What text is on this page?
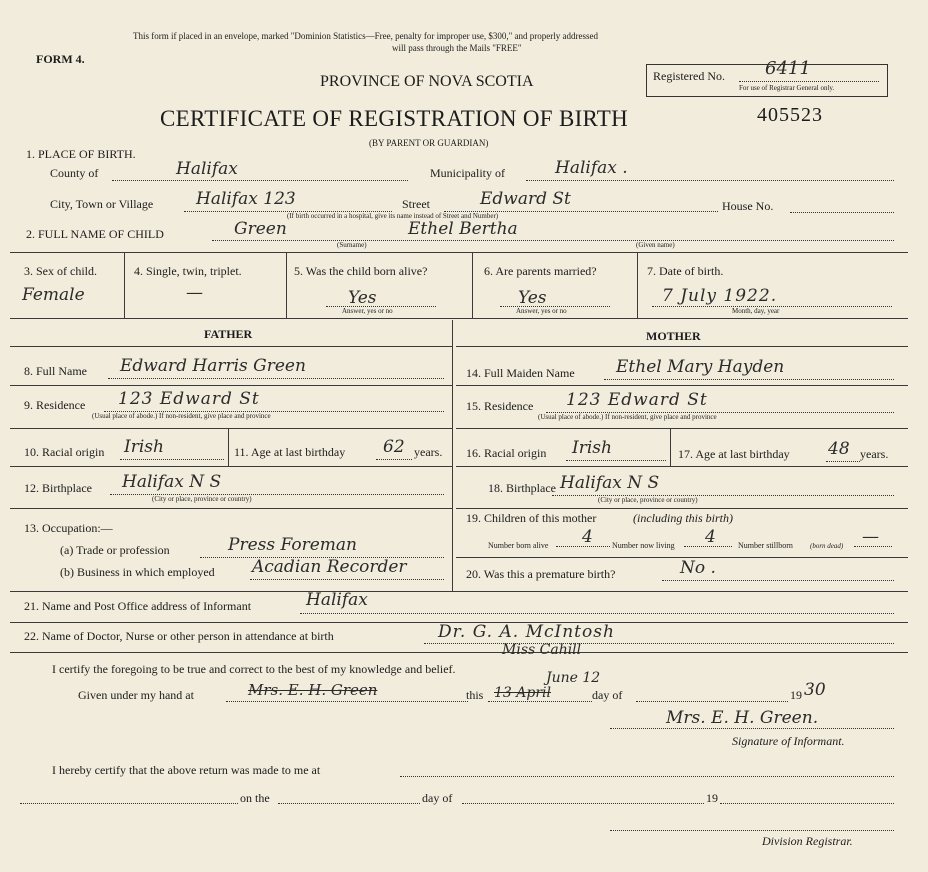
This form if placed in an envelope, marked "Dominion Statistics—Free, penalty for improper use, $300," and properly addressed
will pass through the Mails "FREE"
FORM 4.
PROVINCE OF NOVA SCOTIA	Registered No. 6411
For use of Registrar General only.
CERTIFICATE OF REGISTRATION OF BIRTH	405523
(BY PARENT OR GUARDIAN)
1. PLACE OF BIRTH.
County of	Halifax	Municipality of	Halifax .
City, Town or Village	Halifax 123	Street	Edward St
(If birth occurred in a hospital, give its name instead of Street and Number)
House No.
2. FULL NAME OF CHILD	Green	Ethel Bertha
(Surname)	(Given name)
3. Sex of child.
Female
4. Single, twin, triplet.
—
5. Was the child born alive?
Yes
Answer, yes or no
6. Are parents married?
Yes
Answer, yes or no
7. Date of birth.
7 July 1922.
Month, day, year
FATHER	MOTHER
8. Full Name Edward Harris Green
9. Residence 123 Edward St
(Usual place of abode.) If non-resident, give place and province
10. Racial origin Irish	11. Age at last birthday 62 years.
12. Birthplace Halifax N S
(City or place, province or country)
13. Occupation:—
(a) Trade or profession	Press Foreman
(b) Business in which employed Acadian Recorder
14. Full Maiden Name Ethel Mary Hayden
15. Residence 123 Edward St
(Usual place of abode.) If non-resident, give place and province
16. Racial origin Irish	17. Age at last birthday 48 years.
18. Birthplace Halifax N S
(City or place, province or country)
19. Children of this mother	(including this birth)
Number born alive 4 Number now living 4	Number stillborn (born dead) —
20. Was this a premature birth?	No .
21. Name and Post Office address of Informant	Halifax
22. Name of Doctor, Nurse or other person in attendance at birth	Dr. G. A. McIntosh
Miss Cahill
I certify the foregoing to be true and correct to the best of my knowledge and belief.
Given under my hand at	Mrs. E. H. Green	this 13 April
June 12
day of	19 30
Mrs. E. H. Green.
Signature of Informant.
I hereby certify that the above return was made to me at
on the	day of	19
Division Registrar.
